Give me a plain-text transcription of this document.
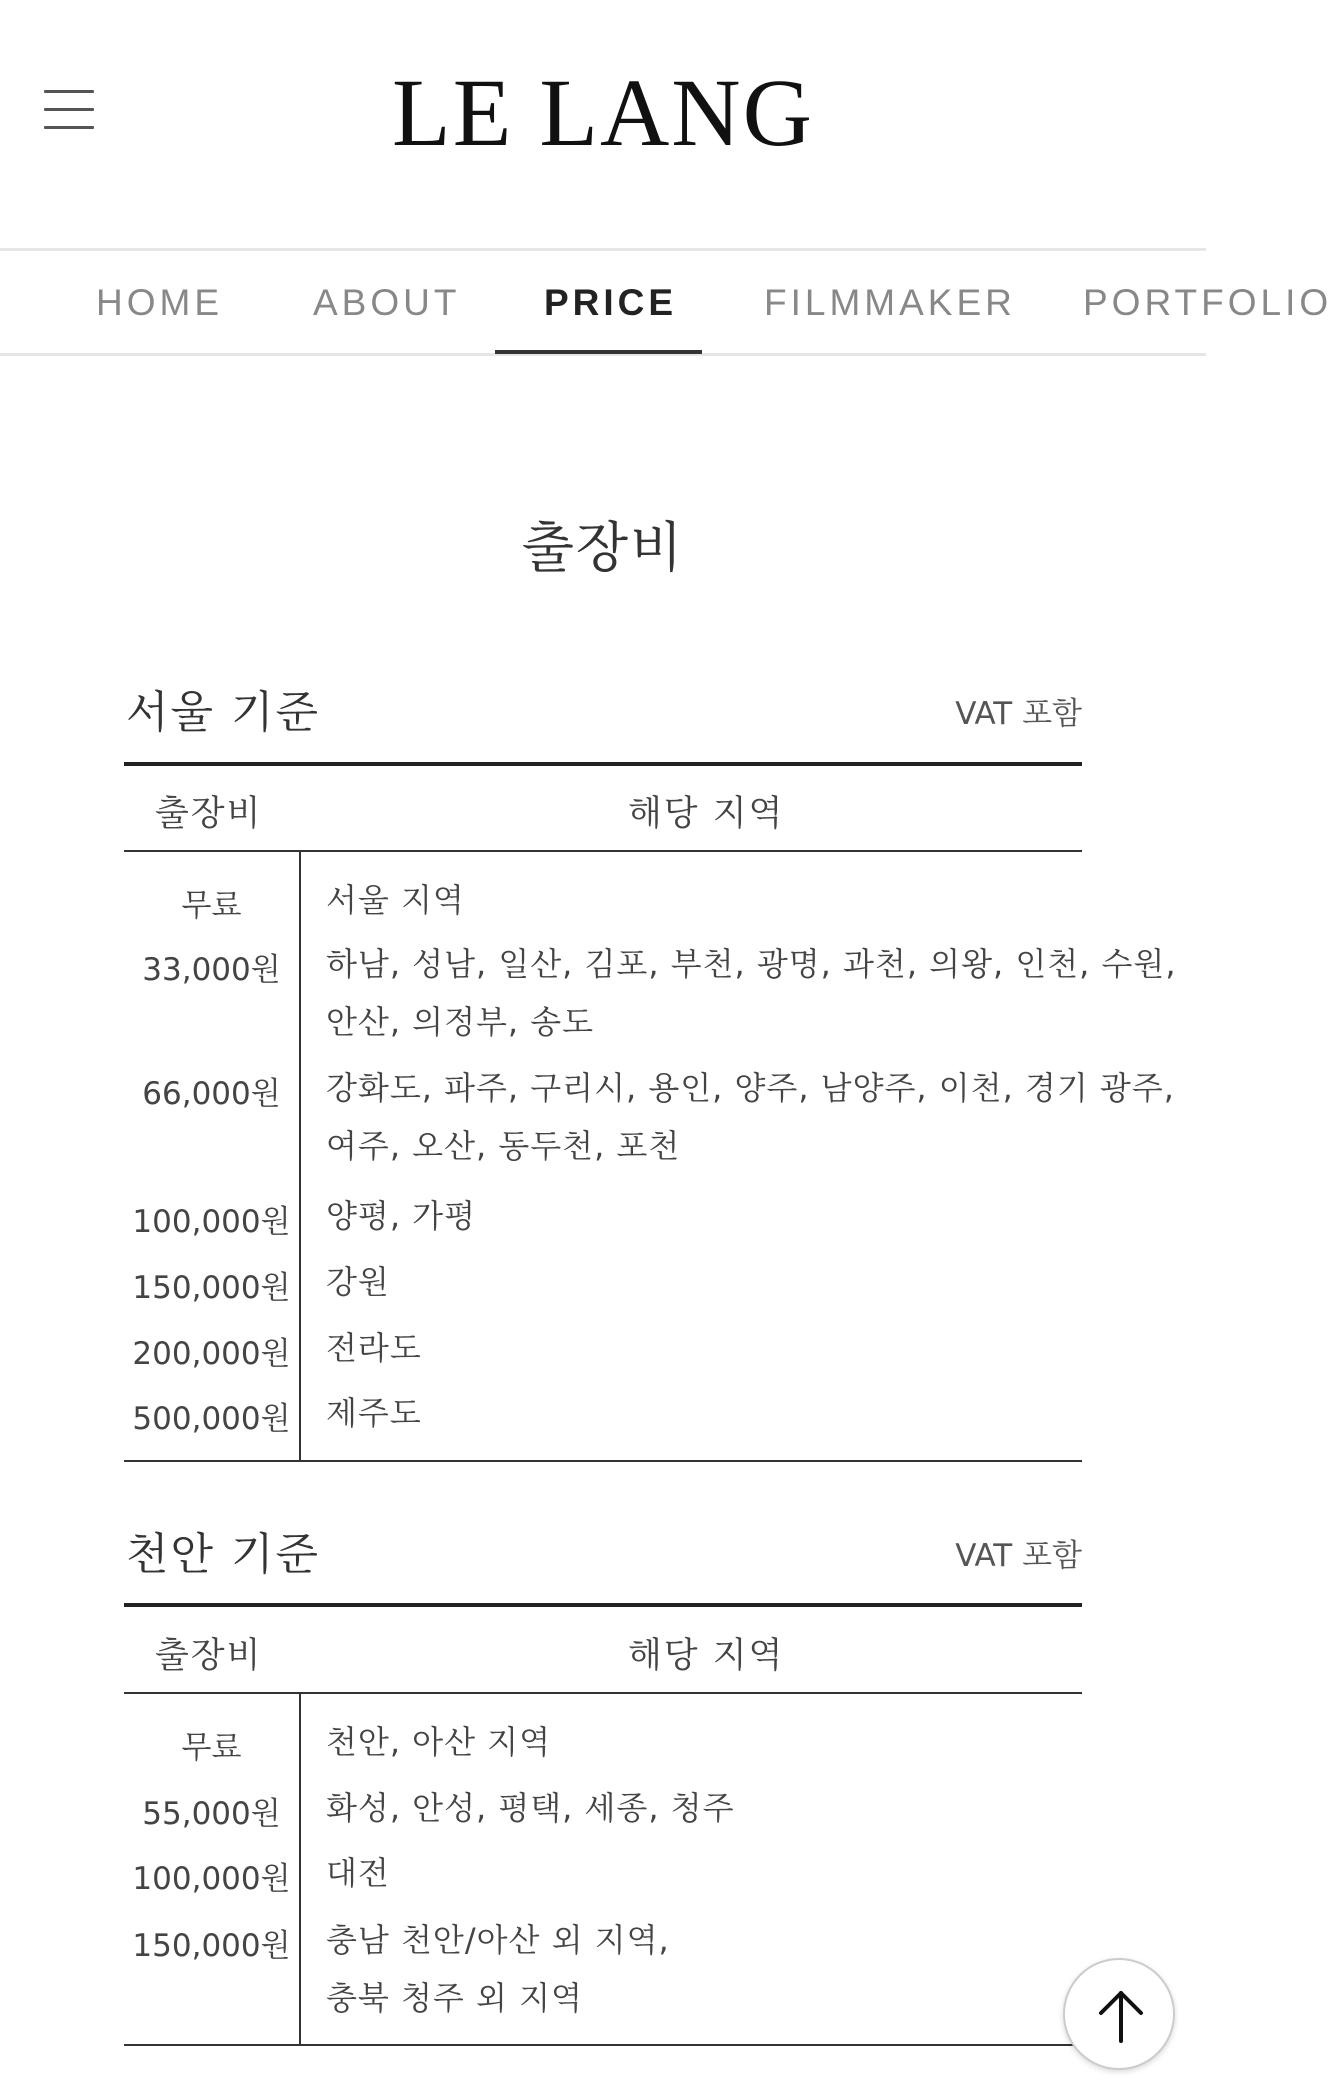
LE LANG
HOME ABOUT PRICE FILMMAKER PORTFOLIO
출장비
서울 기준	VAT 포함
출장비	해당 지역
무료	서울 지역
33,000원	하남, 성남, 일산, 김포, 부천, 광명, 과천, 의왕, 인천, 수원,
안산, 의정부, 송도
66,000원	강화도, 파주, 구리시, 용인, 양주, 남양주, 이천, 경기 광주,
여주, 오산, 동두천, 포천
100,000원 양평, 가평
150,000원 강원
200,000원 전라도
500,000원 제주도
천안 기준	VAT 포함
출장비	해당 지역
무료	천안, 아산 지역
55,000원	화성, 안성, 평택, 세종, 청주
100,000원 대전
150,000원 충남 천안/아산 외 지역,
충북 청주 외 지역
